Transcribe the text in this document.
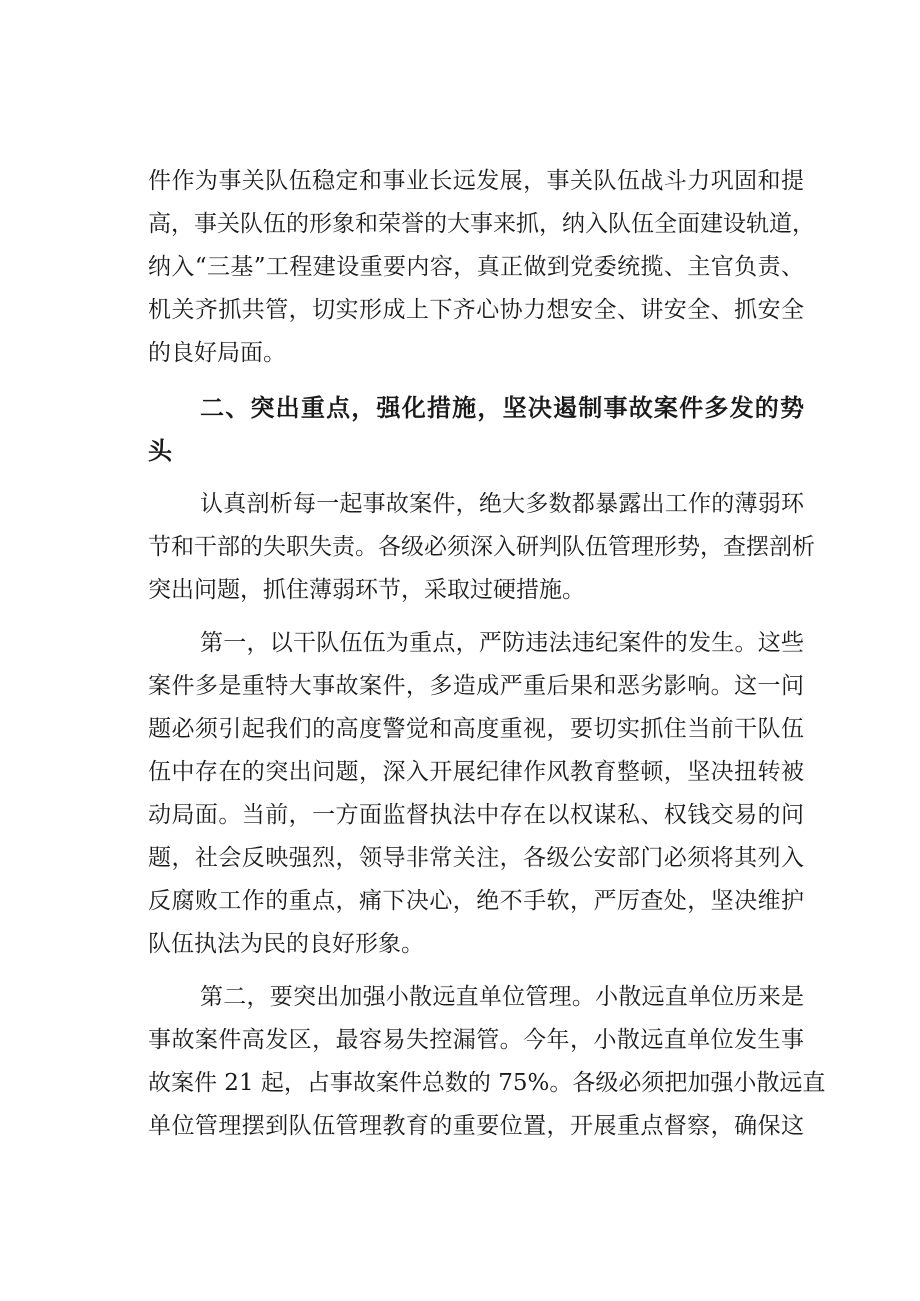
件作为事关队伍稳定和事业长远发展，事关队伍战斗力巩固和提
高，事关队伍的形象和荣誉的大事来抓，纳入队伍全面建设轨道，
纳入“三基”工程建设重要内容，真正做到党委统揽、主官负责、
机关齐抓共管，切实形成上下齐心协力想安全、讲安全、抓安全
的良好局面。
二、突出重点，强化措施，坚决遏制事故案件多发的势
头
认真剖析每一起事故案件，绝大多数都暴露出工作的薄弱环
节和干部的失职失责。各级必须深入研判队伍管理形势，查摆剖析
突出问题，抓住薄弱环节，采取过硬措施。
第一，以干队伍伍为重点，严防违法违纪案件的发生。这些
案件多是重特大事故案件，多造成严重后果和恶劣影响。这一问
题必须引起我们的高度警觉和高度重视，要切实抓住当前干队伍
伍中存在的突出问题，深入开展纪律作风教育整顿，坚决扭转被
动局面。当前，一方面监督执法中存在以权谋私、权钱交易的问
题，社会反映强烈，领导非常关注，各级公安部门必须将其列入
反腐败工作的重点，痛下决心，绝不手软，严厉查处，坚决维护
队伍执法为民的良好形象。
第二，要突出加强小散远直单位管理。小散远直单位历来是
事故案件高发区，最容易失控漏管。今年，小散远直单位发生事
故案件 21 起，占事故案件总数的 75%。各级必须把加强小散远直
单位管理摆到队伍管理教育的重要位置，开展重点督察，确保这
